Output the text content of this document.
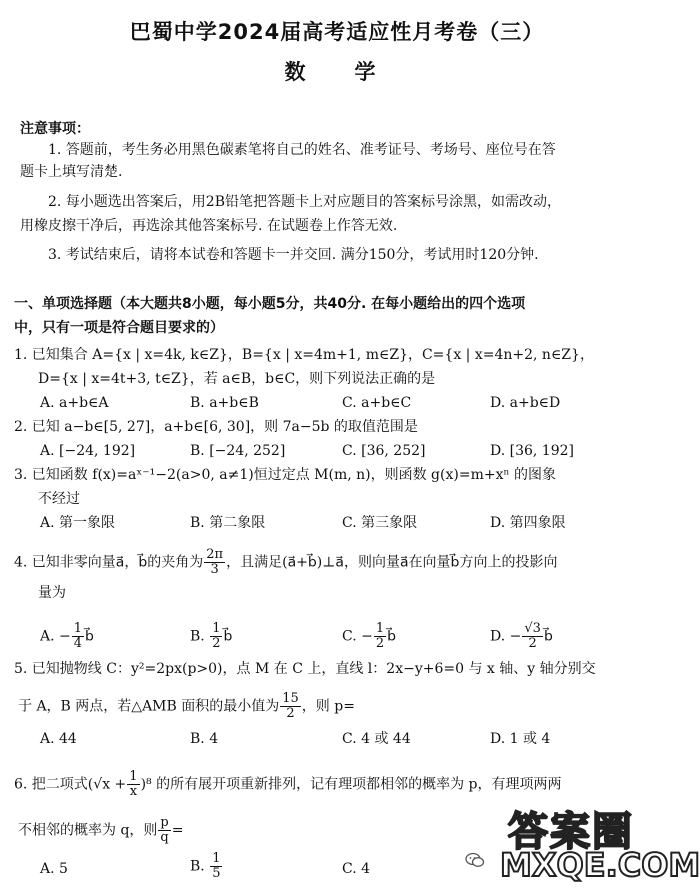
巴蜀中学2024届高考适应性月考卷（三）
数　学
注意事项：
1. 答题前，考生务必用黑色碳素笔将自己的姓名、准考证号、考场号、座位号在答
题卡上填写清楚.
2. 每小题选出答案后，用2B铅笔把答题卡上对应题目的答案标号涂黑，如需改动，
用橡皮擦干净后，再选涂其他答案标号. 在试题卷上作答无效.
3. 考试结束后，请将本试卷和答题卡一并交回. 满分150分，考试用时120分钟.
一、单项选择题（本大题共8小题，每小题5分，共40分. 在每小题给出的四个选项
中，只有一项是符合题目要求的）
1. 已知集合 A={x | x=4k, k∈Z}，B={x | x=4m+1, m∈Z}，C={x | x=4n+2, n∈Z}，
D={x | x=4t+3, t∈Z}，若 a∈B，b∈C，则下列说法正确的是
A. a+b∈A	B. a+b∈B	C. a+b∈C	D. a+b∈D
2. 已知 a−b∈[5, 27]，a+b∈[6, 30]，则 7a−5b 的取值范围是
A. [−24, 192]	B. [−24, 252]	C. [36, 252]	D. [36, 192]
3. 已知函数 f(x)=aˣ⁻¹−2(a>0, a≠1)恒过定点 M(m, n)，则函数 g(x)=m+xⁿ 的图象
不经过
A. 第一象限	B. 第二象限	C. 第三象限	D. 第四象限
4. 已知非零向量a⃗，b⃗的夹角为 $\frac{2\pi}{3}$ ，且满足(a⃗+b⃗)⊥a⃗，则向量a⃗在向量b⃗方向上的投影向
量为
A. − $\frac{1}{4}$ b⃗	B. $\frac{1}{2}$ b⃗	C. − $\frac{1}{2}$ b⃗	D. − $\frac{√3}{2}$ b⃗
5. 已知抛物线 C：y²=2px(p>0)，点 M 在 C 上，直线 l：2x−y+6=0 与 x 轴、y 轴分别交
于 A，B 两点，若△AMB 面积的最小值为 $\frac{15}{2}$ ，则 p=
A. 44	B. 4	C. 4 或 44	D. 1 或 4
6. 把二项式$(√x + \frac{1}{x} )^8$ 的所有展开项重新排列，记有理项都相邻的概率为 p，有理项两两
不相邻的概率为 q，则 $\frac{p}{q}$ =
A. 5	B. $\frac{1}{5}$	C. 4
答案圈
MXQE.COM
